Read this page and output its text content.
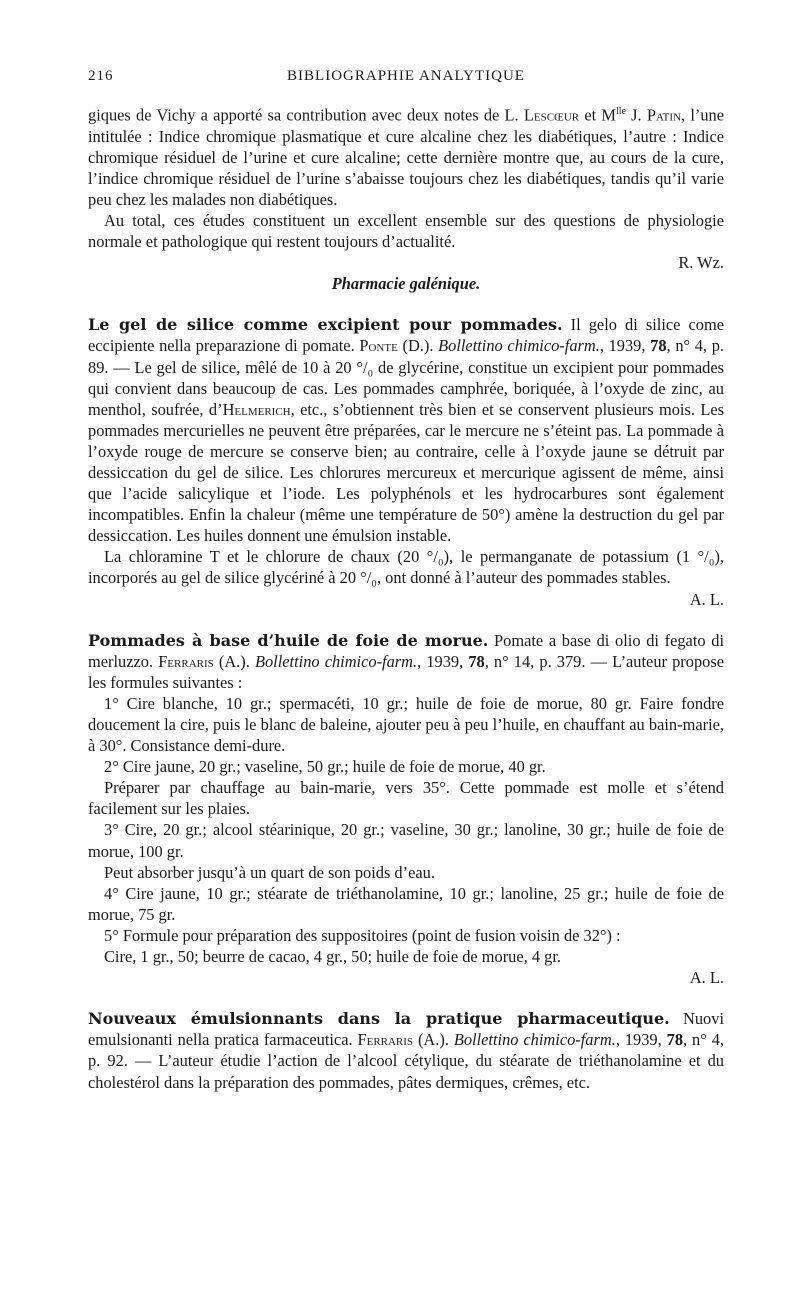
216	BIBLIOGRAPHIE ANALYTIQUE

giques de Vichy a apporté sa contribution avec deux notes de L. Lescœur et $M^{lle}$ J. Patin, l’une intitulée : Indice chromique plasmatique et cure alcaline chez les diabétiques, l’autre : Indice chromique résiduel de l’urine et cure alcaline; cette dernière montre que, au cours de la cure, l’indice chromique résiduel de l’urine s’abaisse toujours chez les diabétiques, tandis qu’il varie peu chez les malades non diabétiques.

Au total, ces études constituent un excellent ensemble sur des questions de physiologie normale et pathologique qui restent toujours d’actualité.

R. Wz.

Pharmacie galénique.

Le gel de silice comme excipient pour pommades. Il gelo di silice come eccipiente nella preparazione di pomate. Ponte (D.). Bollettino chimico-farm., 1939, 78, n° 4, p. 89. — Le gel de silice, mêlé de 10 à 20 °/₀ de glycérine, constitue un excipient pour pommades qui convient dans beaucoup de cas. Les pommades camphrée, boriquée, à l’oxyde de zinc, au menthol, soufrée, d’Helmerich, etc., s’obtiennent très bien et se conservent plusieurs mois. Les pommades mercurielles ne peuvent être préparées, car le mercure ne s’éteint pas. La pommade à l’oxyde rouge de mercure se conserve bien; au contraire, celle à l’oxyde jaune se détruit par dessiccation du gel de silice. Les chlorures mercureux et mercurique agissent de même, ainsi que l’acide salicylique et l’iode. Les polyphénols et les hydrocarbures sont également incompatibles. Enfin la chaleur (même une température de 50°) amène la destruction du gel par dessiccation. Les huiles donnent une émulsion instable.

La chloramine T et le chlorure de chaux (20 °/₀), le permanganate de potassium (1 °/₀), incorporés au gel de silice glycériné à 20 °/₀, ont donné à l’auteur des pommades stables.

A. L.

Pommades à base d’huile de foie de morue. Pomate a base di olio di fegato di merluzzo. Ferraris (A.). Bollettino chimico-farm., 1939, 78, n° 14, p. 379. — L’auteur propose les formules suivantes :

1° Cire blanche, 10 gr.; spermacéti, 10 gr.; huile de foie de morue, 80 gr. Faire fondre doucement la cire, puis le blanc de baleine, ajouter peu à peu l’huile, en chauffant au bain-marie, à 30°. Consistance demi-dure.

2° Cire jaune, 20 gr.; vaseline, 50 gr.; huile de foie de morue, 40 gr.

Préparer par chauffage au bain-marie, vers 35°. Cette pommade est molle et s’étend facilement sur les plaies.

3° Cire, 20 gr.; alcool stéarinique, 20 gr.; vaseline, 30 gr.; lanoline, 30 gr.; huile de foie de morue, 100 gr.

Peut absorber jusqu’à un quart de son poids d’eau.

4° Cire jaune, 10 gr.; stéarate de triéthanolamine, 10 gr.; lanoline, 25 gr.; huile de foie de morue, 75 gr.

5° Formule pour préparation des suppositoires (point de fusion voisin de 32°) :

Cire, 1 gr., 50; beurre de cacao, 4 gr., 50; huile de foie de morue, 4 gr.

A. L.

Nouveaux émulsionnants dans la pratique pharmaceutique. Nuovi emulsionanti nella pratica farmaceutica. Ferraris (A.). Bollettino chimico-farm., 1939, 78, n° 4, p. 92. — L’auteur étudie l’action de l’alcool cétylique, du stéarate de triéthanolamine et du cholestérol dans la préparation des pommades, pâtes dermiques, crêmes, etc.
